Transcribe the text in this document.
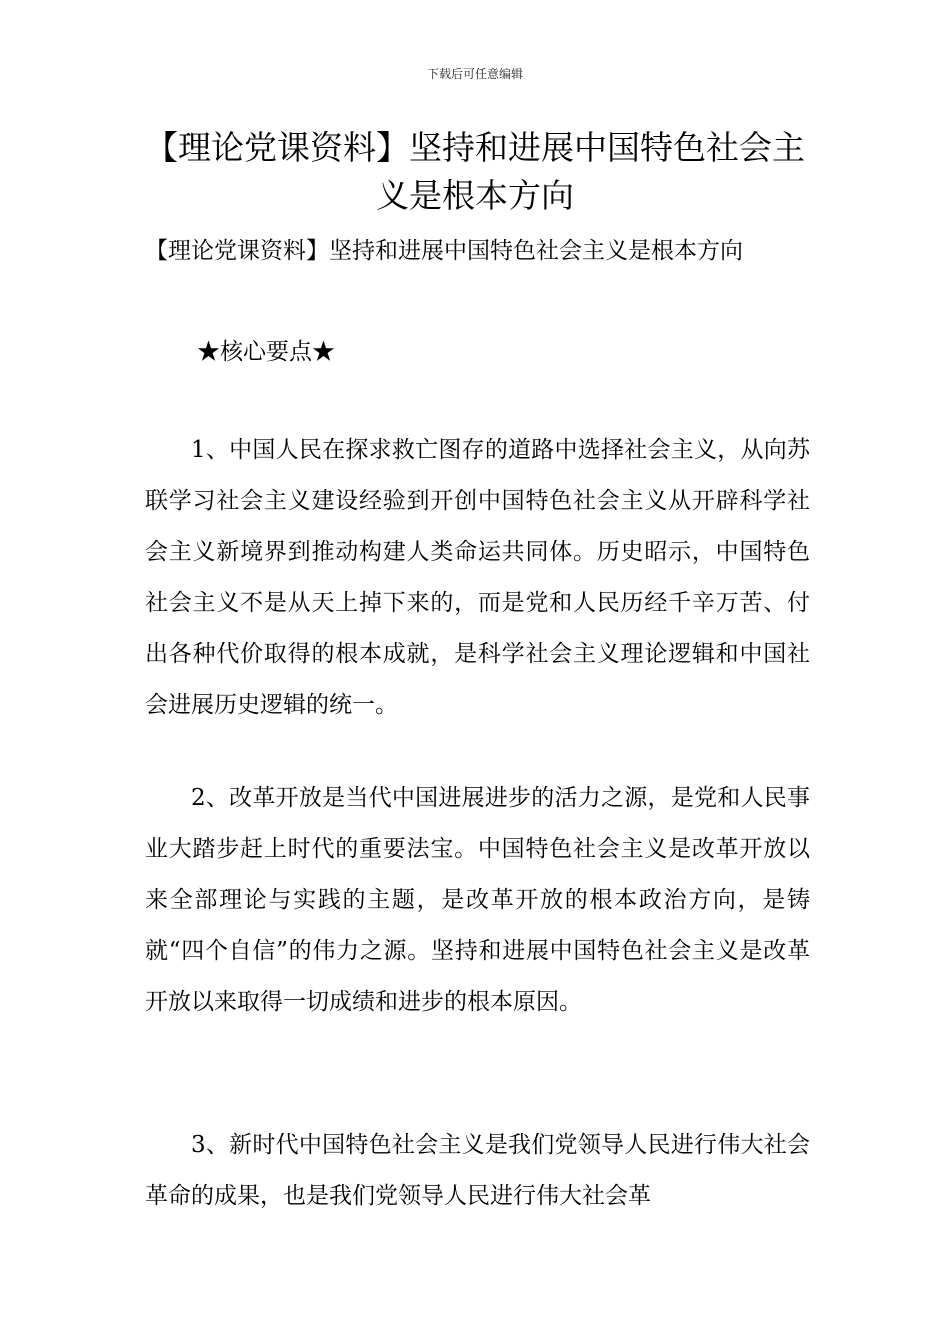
下载后可任意编辑
【理论党课资料】坚持和进展中国特色社会主义是根本方向

【理论党课资料】坚持和进展中国特色社会主义是根本方向

★核心要点★

1、中国人民在探求救亡图存的道路中选择社会主义，从向苏联学习社会主义建设经验到开创中国特色社会主义从开辟科学社会主义新境界到推动构建人类命运共同体。历史昭示，中国特色社会主义不是从天上掉下来的，而是党和人民历经千辛万苦、付出各种代价取得的根本成就，是科学社会主义理论逻辑和中国社会进展历史逻辑的统一。

2、改革开放是当代中国进展进步的活力之源，是党和人民事业大踏步赶上时代的重要法宝。中国特色社会主义是改革开放以来全部理论与实践的主题，是改革开放的根本政治方向，是铸就“四个自信”的伟力之源。坚持和进展中国特色社会主义是改革开放以来取得一切成绩和进步的根本原因。

3、新时代中国特色社会主义是我们党领导人民进行伟大社会革命的成果，也是我们党领导人民进行伟大社会革
